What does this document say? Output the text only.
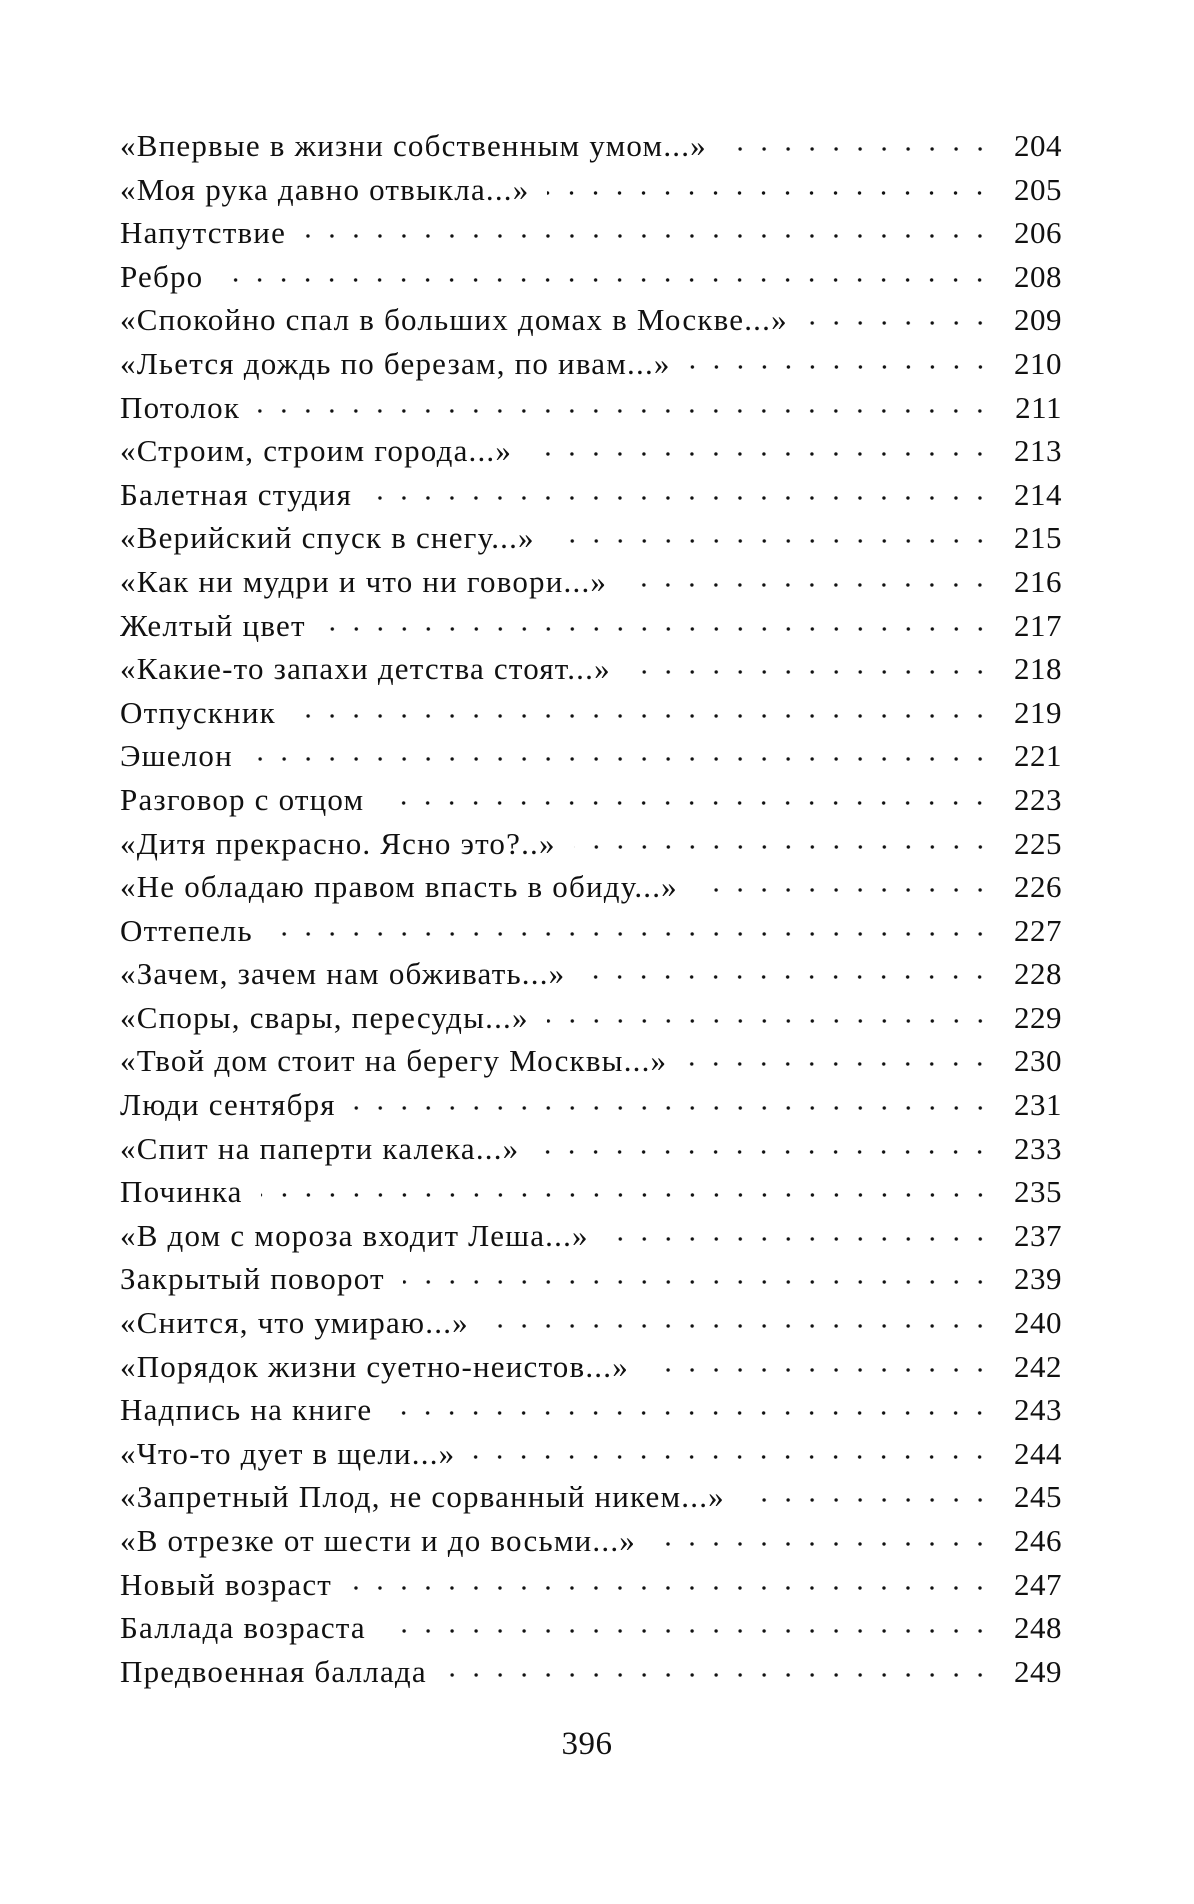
«Впервые в жизни собственным умом...»	204
«Моя рука давно отвыкла...»	205
Напутствие	206
Ребро	208
«Спокойно спал в больших домах в Москве...»	209
«Льется дождь по березам, по ивам...»	210
Потолок	211
«Строим, строим города...»	213
Балетная студия	214
«Верийский спуск в снегу...»	215
«Как ни мудри и что ни говори...»	216
Желтый цвет	217
«Какие-то запахи детства стоят...»	218
Отпускник	219
Эшелон	221
Разговор с отцом	223
«Дитя прекрасно. Ясно это?..»	225
«Не обладаю правом впасть в обиду...»	226
Оттепель	227
«Зачем, зачем нам обживать...»	228
«Споры, свары, пересуды...»	229
«Твой дом стоит на берегу Москвы...»	230
Люди сентября	231
«Спит на паперти калека...»	233
Починка	235
«В дом с мороза входит Леша...»	237
Закрытый поворот	239
«Снится, что умираю...»	240
«Порядок жизни суетно-неистов...»	242
Надпись на книге	243
«Что-то дует в щели...»	244
«Запретный Плод, не сорванный никем...»	245
«В отрезке от шести и до восьми...»	246
Новый возраст	247
Баллада возраста	248
Предвоенная баллада	249
396
